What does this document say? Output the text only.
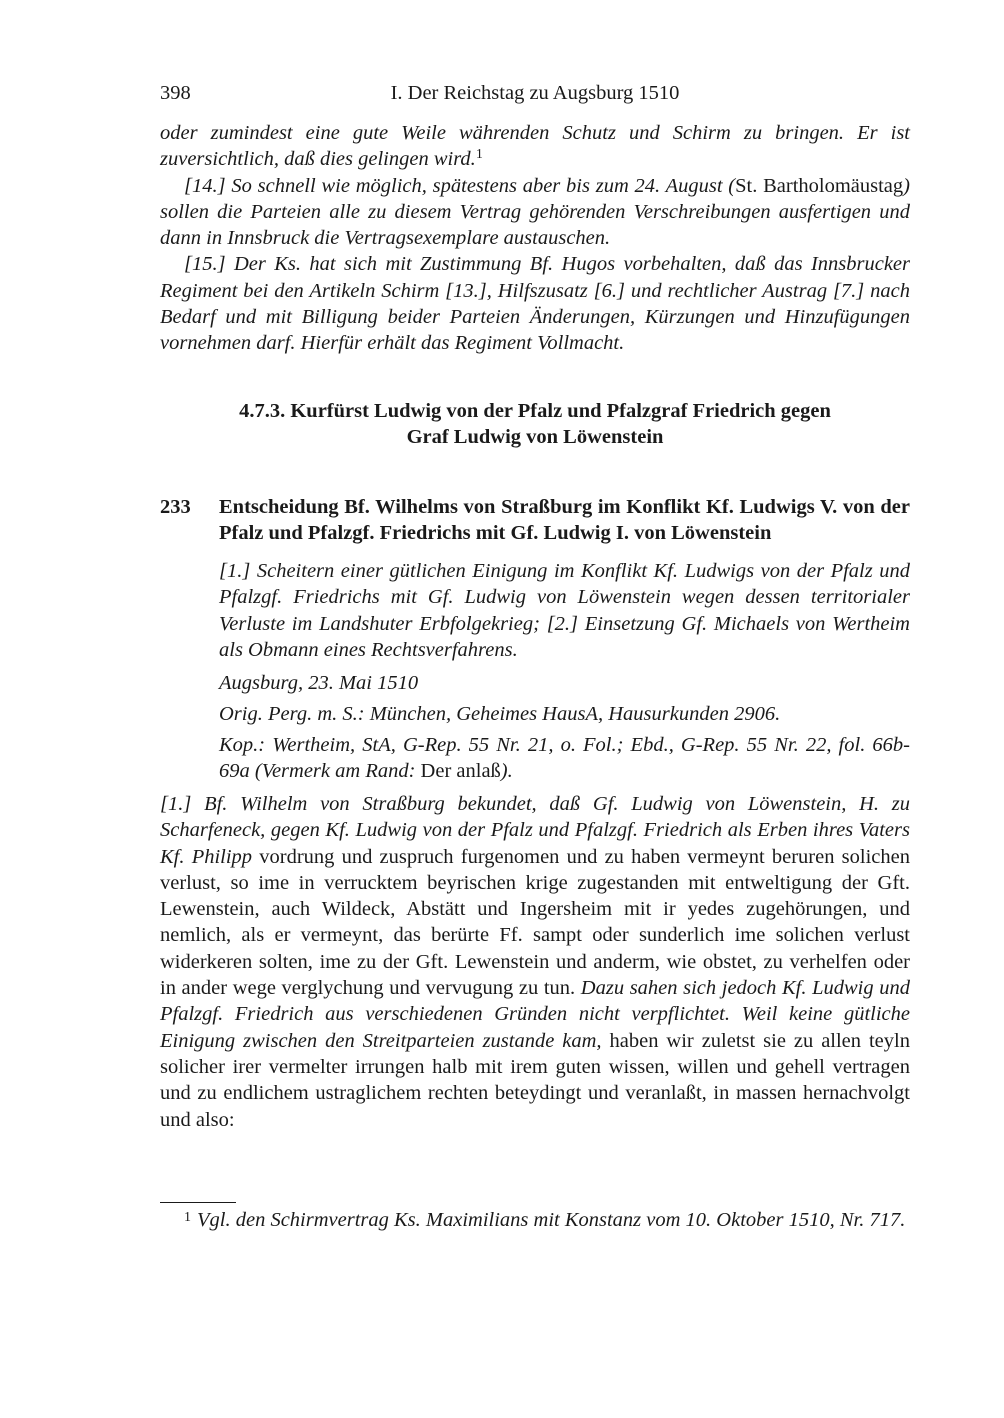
398	I. Der Reichstag zu Augsburg 1510

oder zumindest eine gute Weile währenden Schutz und Schirm zu bringen. Er ist zuversichtlich, daß dies gelingen wird.$^1$

[14.] So schnell wie möglich, spätestens aber bis zum 24. August (St. Bartholomäustag) sollen die Parteien alle zu diesem Vertrag gehörenden Verschreibungen ausfertigen und dann in Innsbruck die Vertragsexemplare austauschen.

[15.] Der Ks. hat sich mit Zustimmung Bf. Hugos vorbehalten, daß das Innsbrucker Regiment bei den Artikeln Schirm [13.], Hilfszusatz [6.] und rechtlicher Austrag [7.] nach Bedarf und mit Billigung beider Parteien Änderungen, Kürzungen und Hinzufügungen vornehmen darf. Hierfür erhält das Regiment Vollmacht.

4.7.3. Kurfürst Ludwig von der Pfalz und Pfalzgraf Friedrich gegen
Graf Ludwig von Löwenstein
233 Entscheidung Bf. Wilhelms von Straßburg im Konflikt Kf. Ludwigs V. von der Pfalz und Pfalzgf. Friedrichs mit Gf. Ludwig I. von Löwenstein

[1.] Scheitern einer gütlichen Einigung im Konflikt Kf. Ludwigs von der Pfalz und Pfalzgf. Friedrichs mit Gf. Ludwig von Löwenstein wegen dessen territorialer Verluste im Landshuter Erbfolgekrieg; [2.] Einsetzung Gf. Michaels von Wertheim als Obmann eines Rechtsverfahrens.

Augsburg, 23. Mai 1510
Orig. Perg. m. S.: München, Geheimes HausA, Hausurkunden 2906.

Kop.: Wertheim, StA, G-Rep. 55 Nr. 21, o. Fol.; Ebd., G-Rep. 55 Nr. 22, fol. 66b-69a (Vermerk am Rand: Der anlaß).

[1.] Bf. Wilhelm von Straßburg bekundet, daß Gf. Ludwig von Löwenstein, H. zu Scharfeneck, gegen Kf. Ludwig von der Pfalz und Pfalzgf. Friedrich als Erben ihres Vaters Kf. Philipp vordrung und zuspruch furgenomen und zu haben vermeynt beruren solichen verlust, so ime in verrucktem beyrischen krige zugestanden mit entweltigung der Gft. Lewenstein, auch Wildeck, Abstätt und Ingersheim mit ir yedes zugehörungen, und nemlich, als er vermeynt, das berürte Ff. sampt oder sunderlich ime solichen verlust widerkeren solten, ime zu der Gft. Lewenstein und anderm, wie obstet, zu verhelfen oder in ander wege verglychung und vervugung zu tun. Dazu sahen sich jedoch Kf. Ludwig und Pfalzgf. Friedrich aus verschiedenen Gründen nicht verpflichtet. Weil keine gütliche Einigung zwischen den Streitparteien zustande kam, haben wir zuletst sie zu allen teyln solicher irer vermelter irrungen halb mit irem guten wissen, willen und gehell vertragen und zu endlichem ustraglichem rechten beteydingt und veranlaßt, in massen hernachvolgt und also:

$^1$ Vgl. den Schirmvertrag Ks. Maximilians mit Konstanz vom 10. Oktober 1510, Nr. 717.
